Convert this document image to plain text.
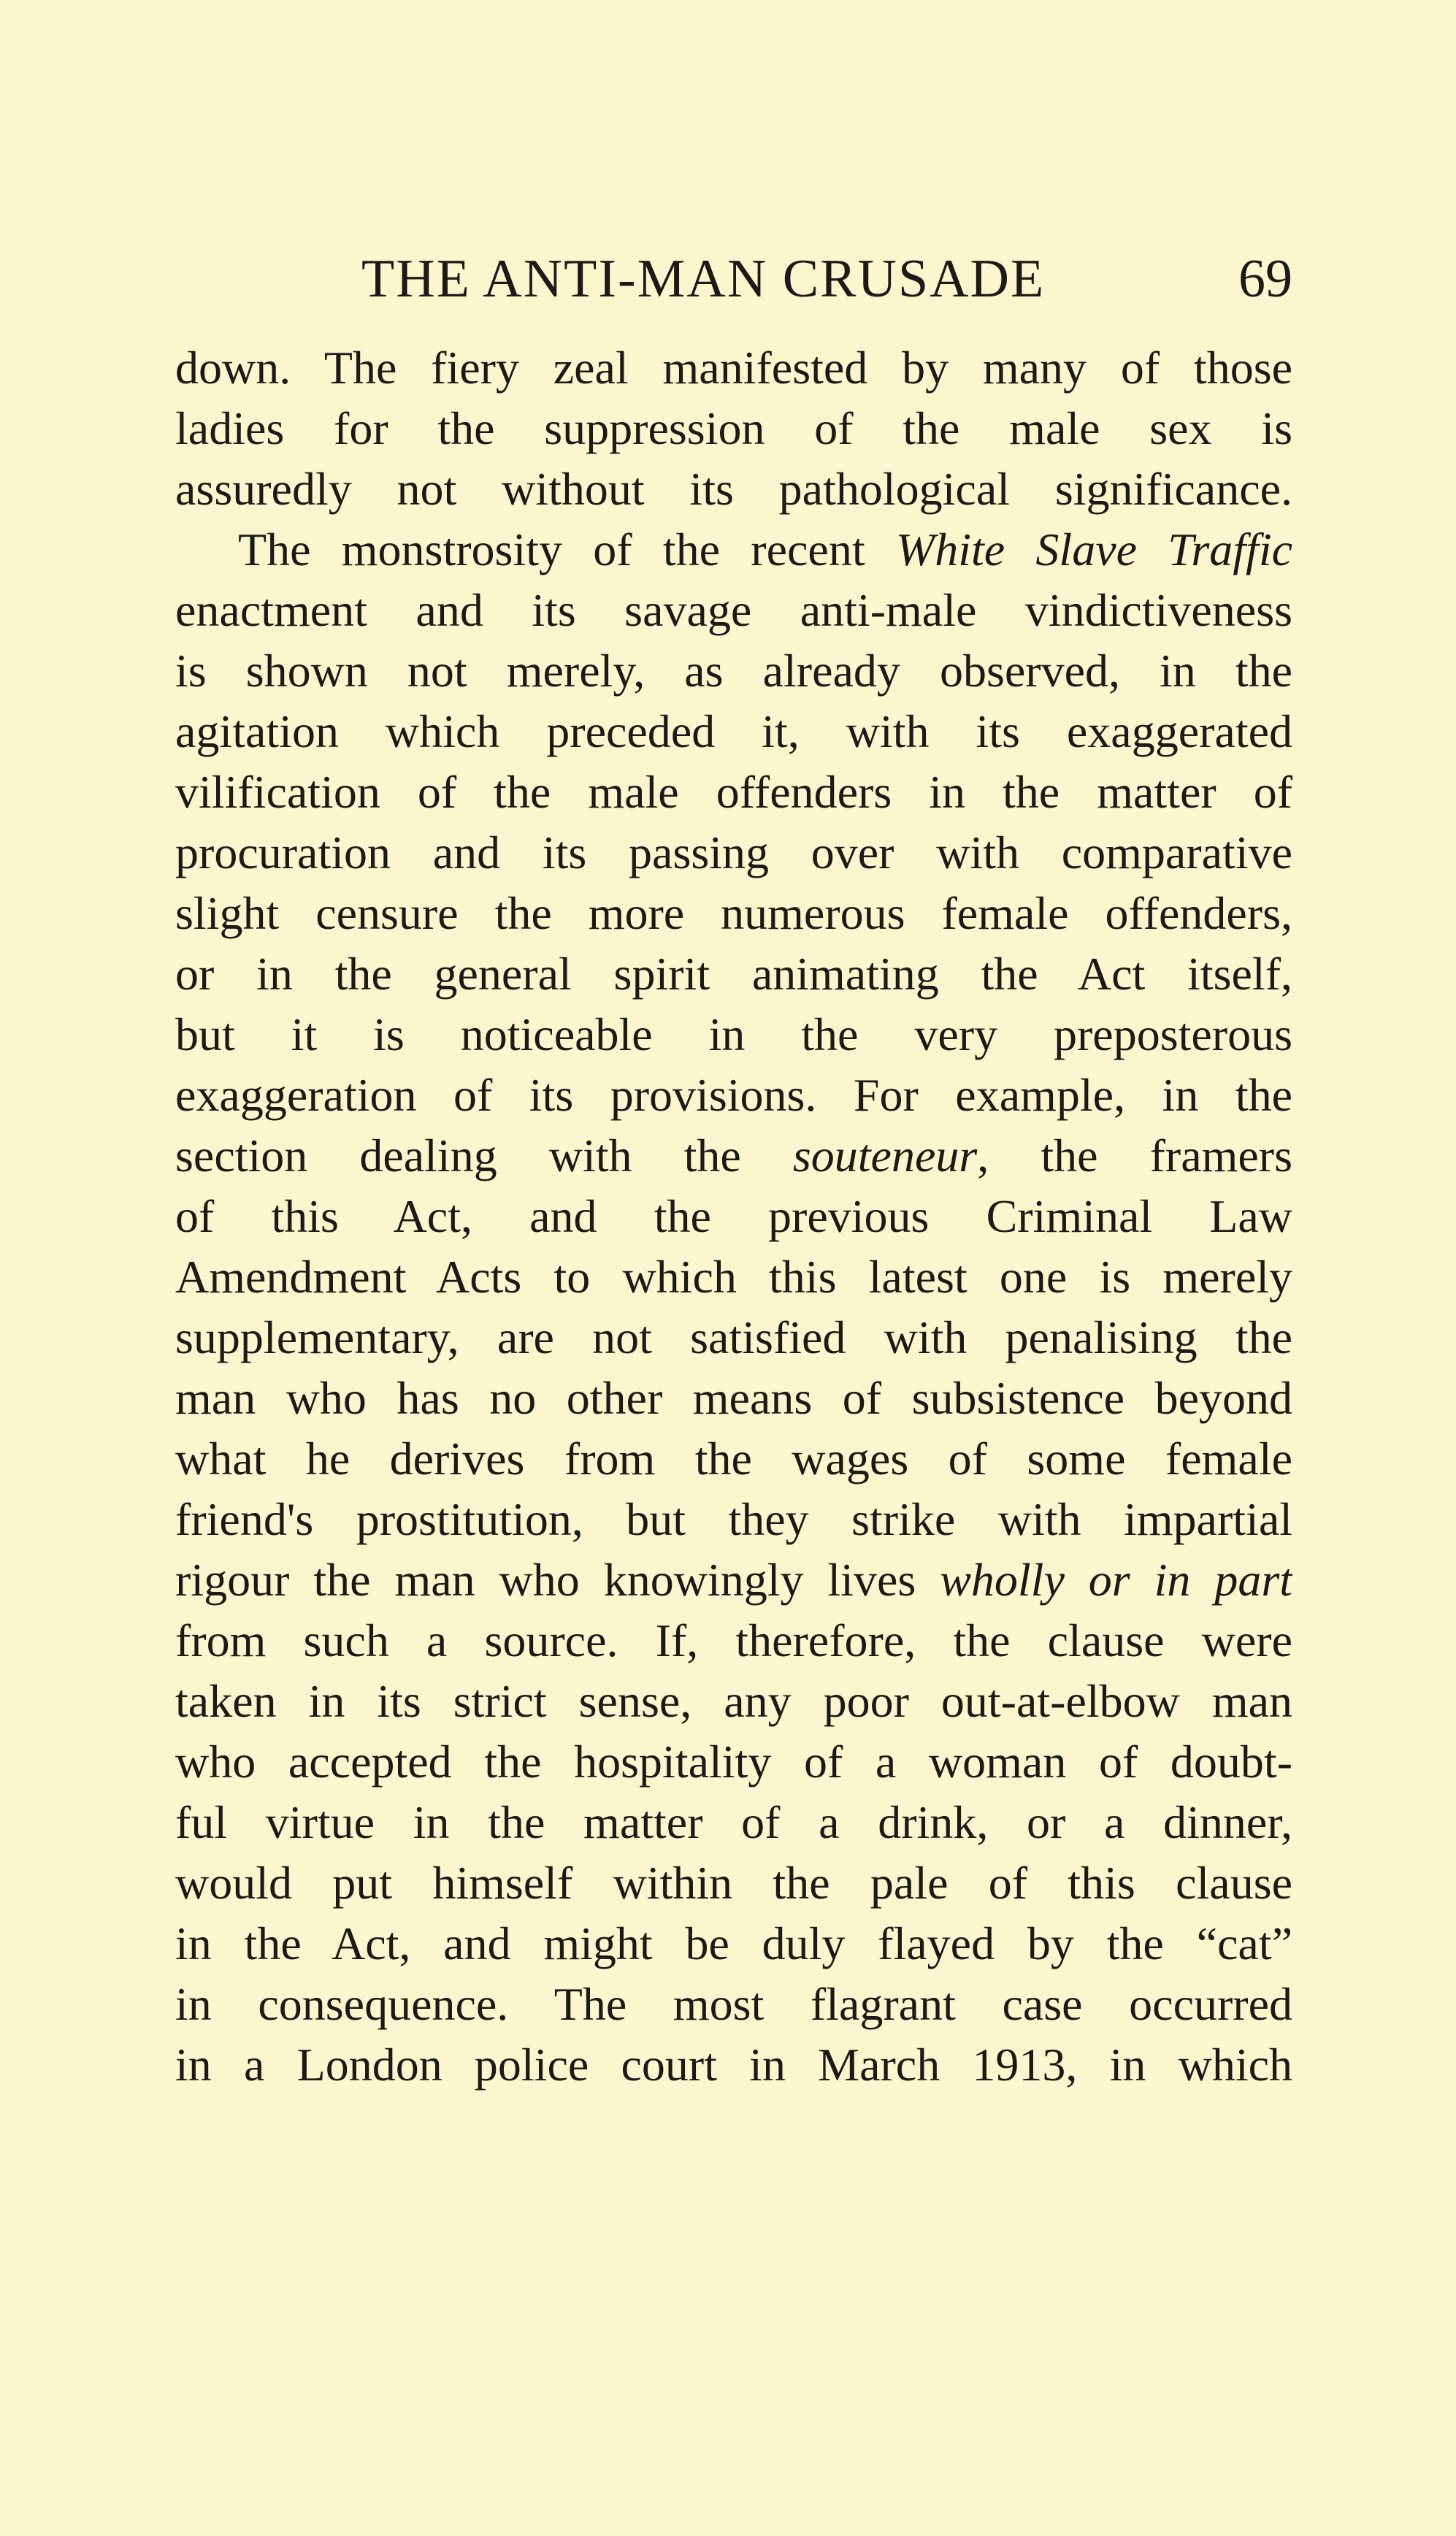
THE ANTI-MAN CRUSADE	69
down. The fiery zeal manifested by many of those
ladies for the suppression of the male sex is
assuredly not without its pathological significance.
The monstrosity of the recent White Slave Traffic
enactment and its savage anti-male vindictiveness
is shown not merely, as already observed, in the
agitation which preceded it, with its exaggerated
vilification of the male offenders in the matter of
procuration and its passing over with comparative
slight censure the more numerous female offenders,
or in the general spirit animating the Act itself,
but it is noticeable in the very preposterous
exaggeration of its provisions. For example, in the
section dealing with the souteneur, the framers
of this Act, and the previous Criminal Law
Amendment Acts to which this latest one is merely
supplementary, are not satisfied with penalising the
man who has no other means of subsistence beyond
what he derives from the wages of some female
friend's prostitution, but they strike with impartial
rigour the man who knowingly lives wholly or in part
from such a source. If, therefore, the clause were
taken in its strict sense, any poor out-at-elbow man
who accepted the hospitality of a woman of doubt-
ful virtue in the matter of a drink, or a dinner,
would put himself within the pale of this clause
in the Act, and might be duly flayed by the “cat”
in consequence. The most flagrant case occurred
in a London police court in March 1913, in which
